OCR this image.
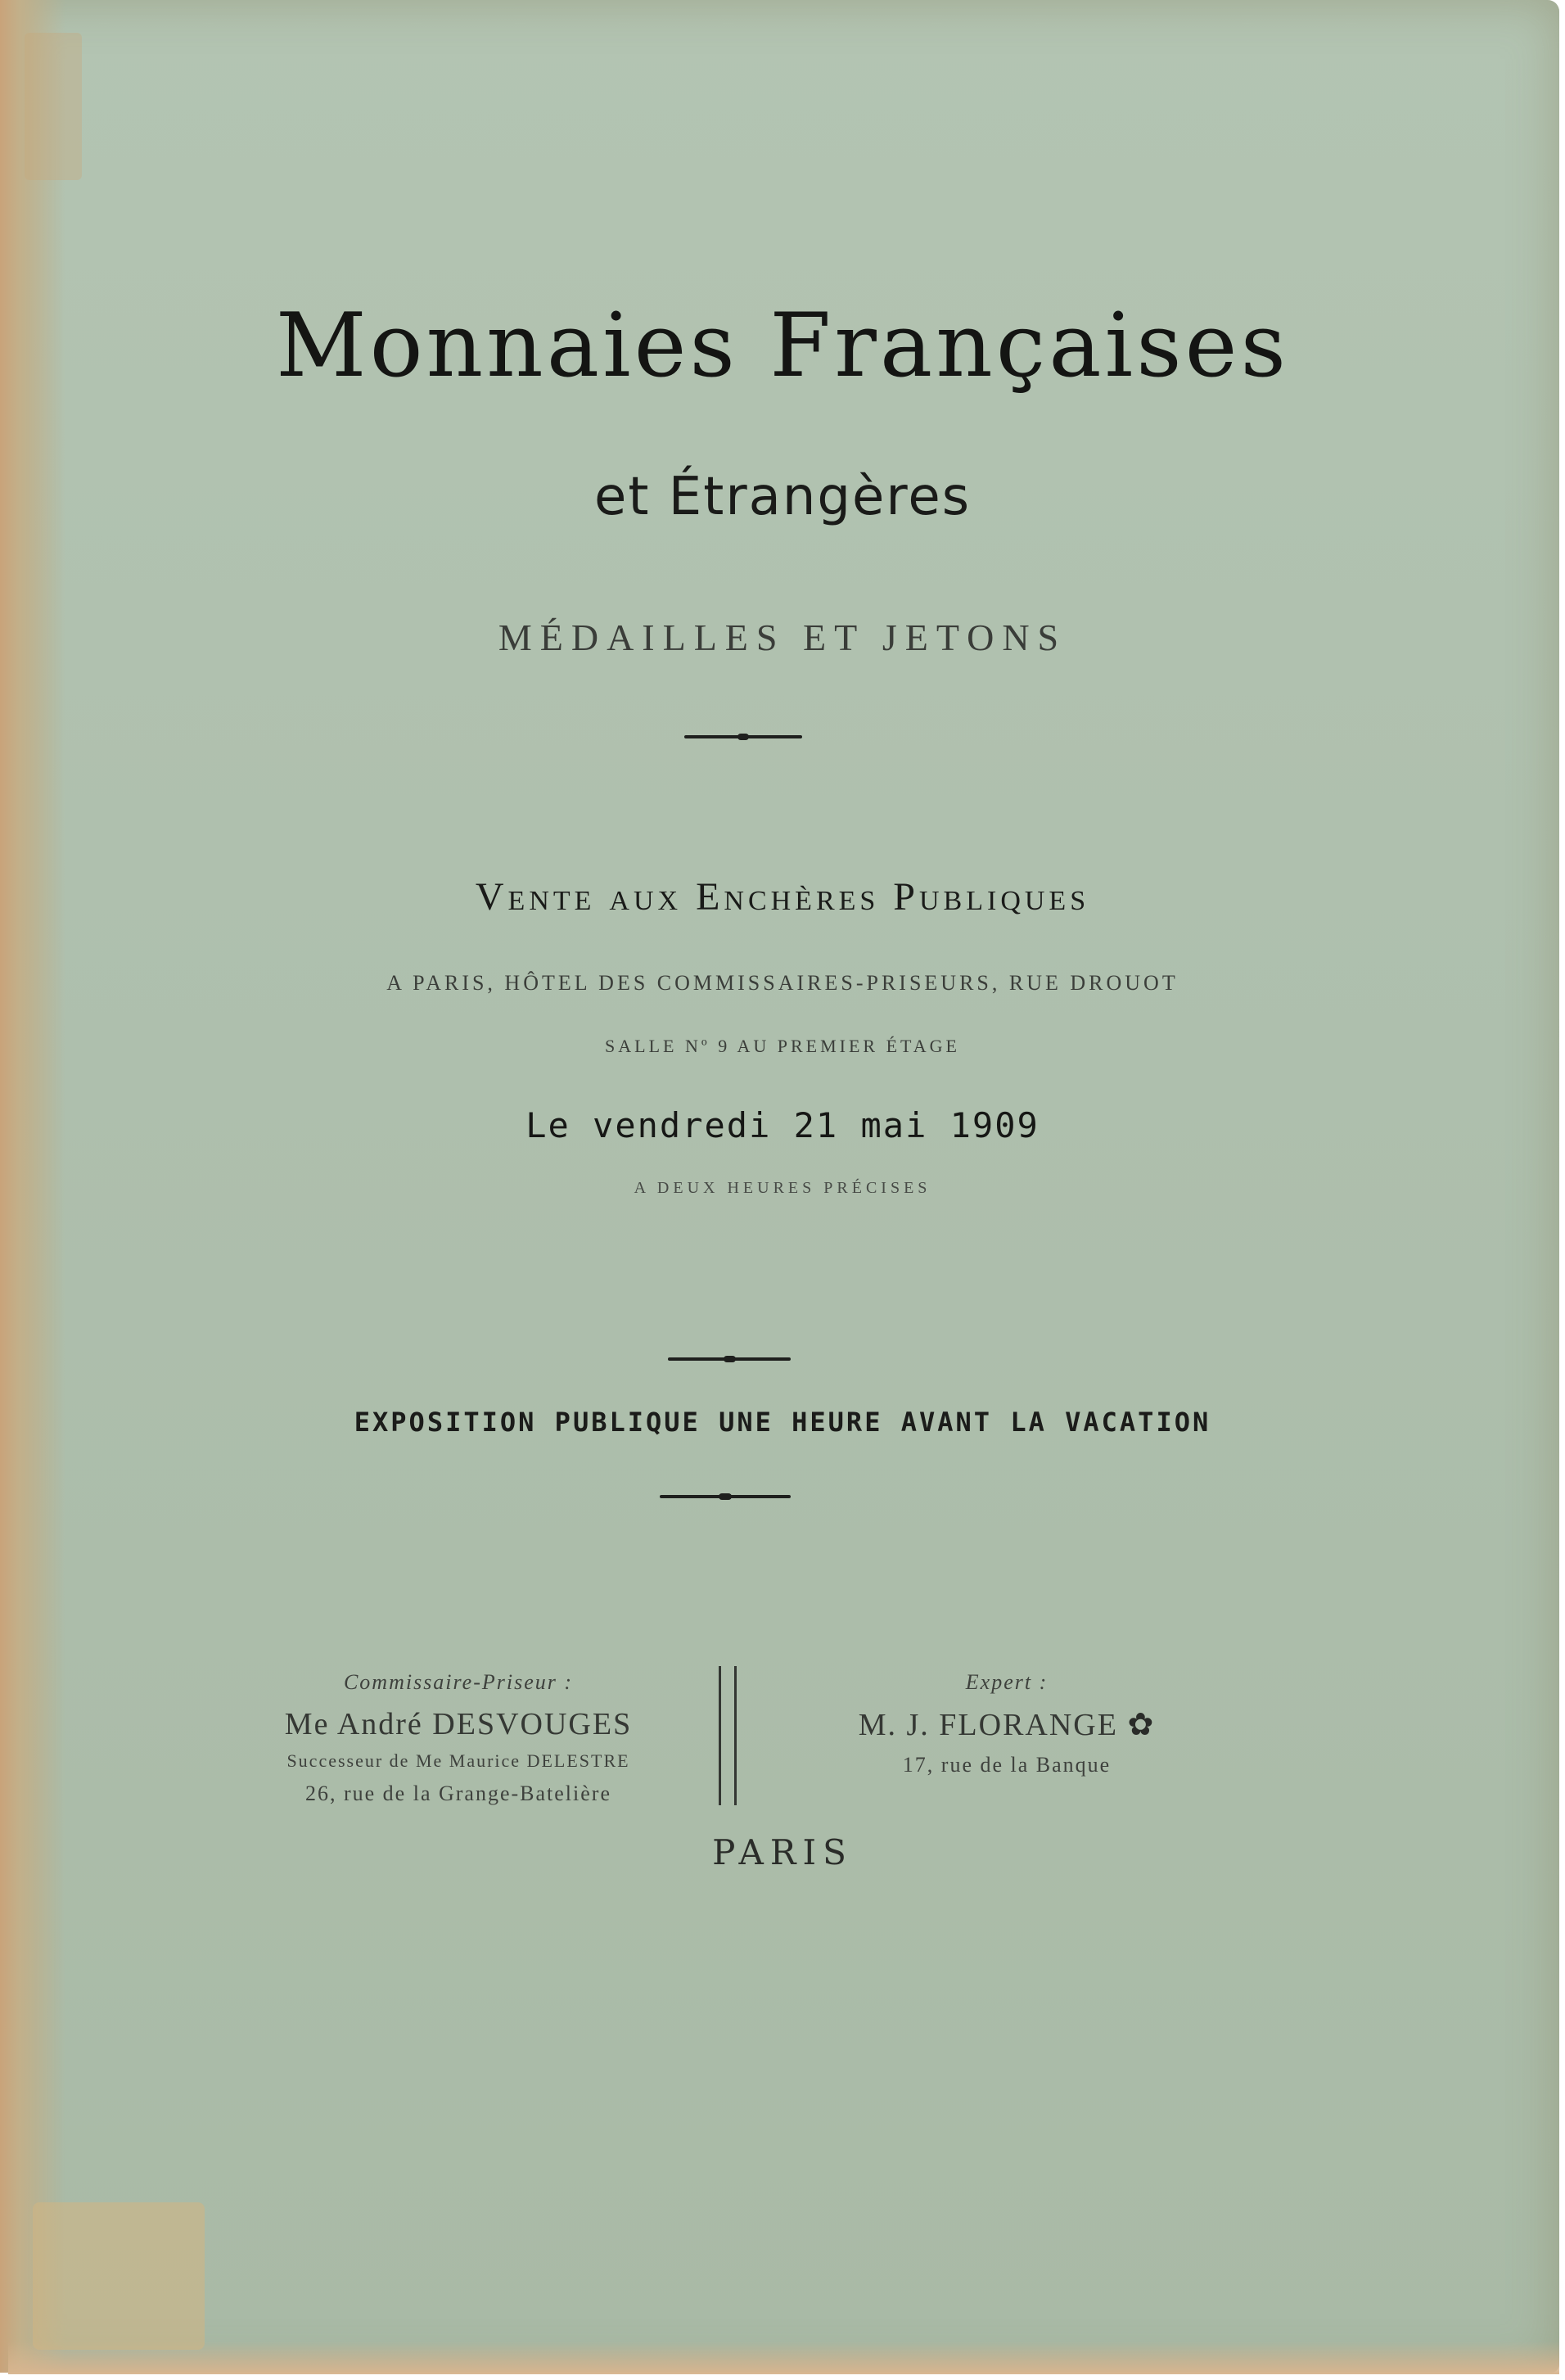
Monnaies Françaises
et Étrangères
MÉDAILLES ET JETONS
Vente aux Enchères Publiques
A PARIS, HÔTEL DES COMMISSAIRES-PRISEURS, RUE DROUOT
SALLE Nº 9 AU PREMIER ÉTAGE
Le vendredi 21 mai 1909
A DEUX HEURES PRÉCISES
EXPOSITION PUBLIQUE UNE HEURE AVANT LA VACATION
Commissaire-Priseur :
Me André DESVOUGES
Successeur de Me Maurice DELESTRE
26, rue de la Grange-Batelière
Expert :
M. J. FLORANGE ✿
17, rue de la Banque
PARIS
